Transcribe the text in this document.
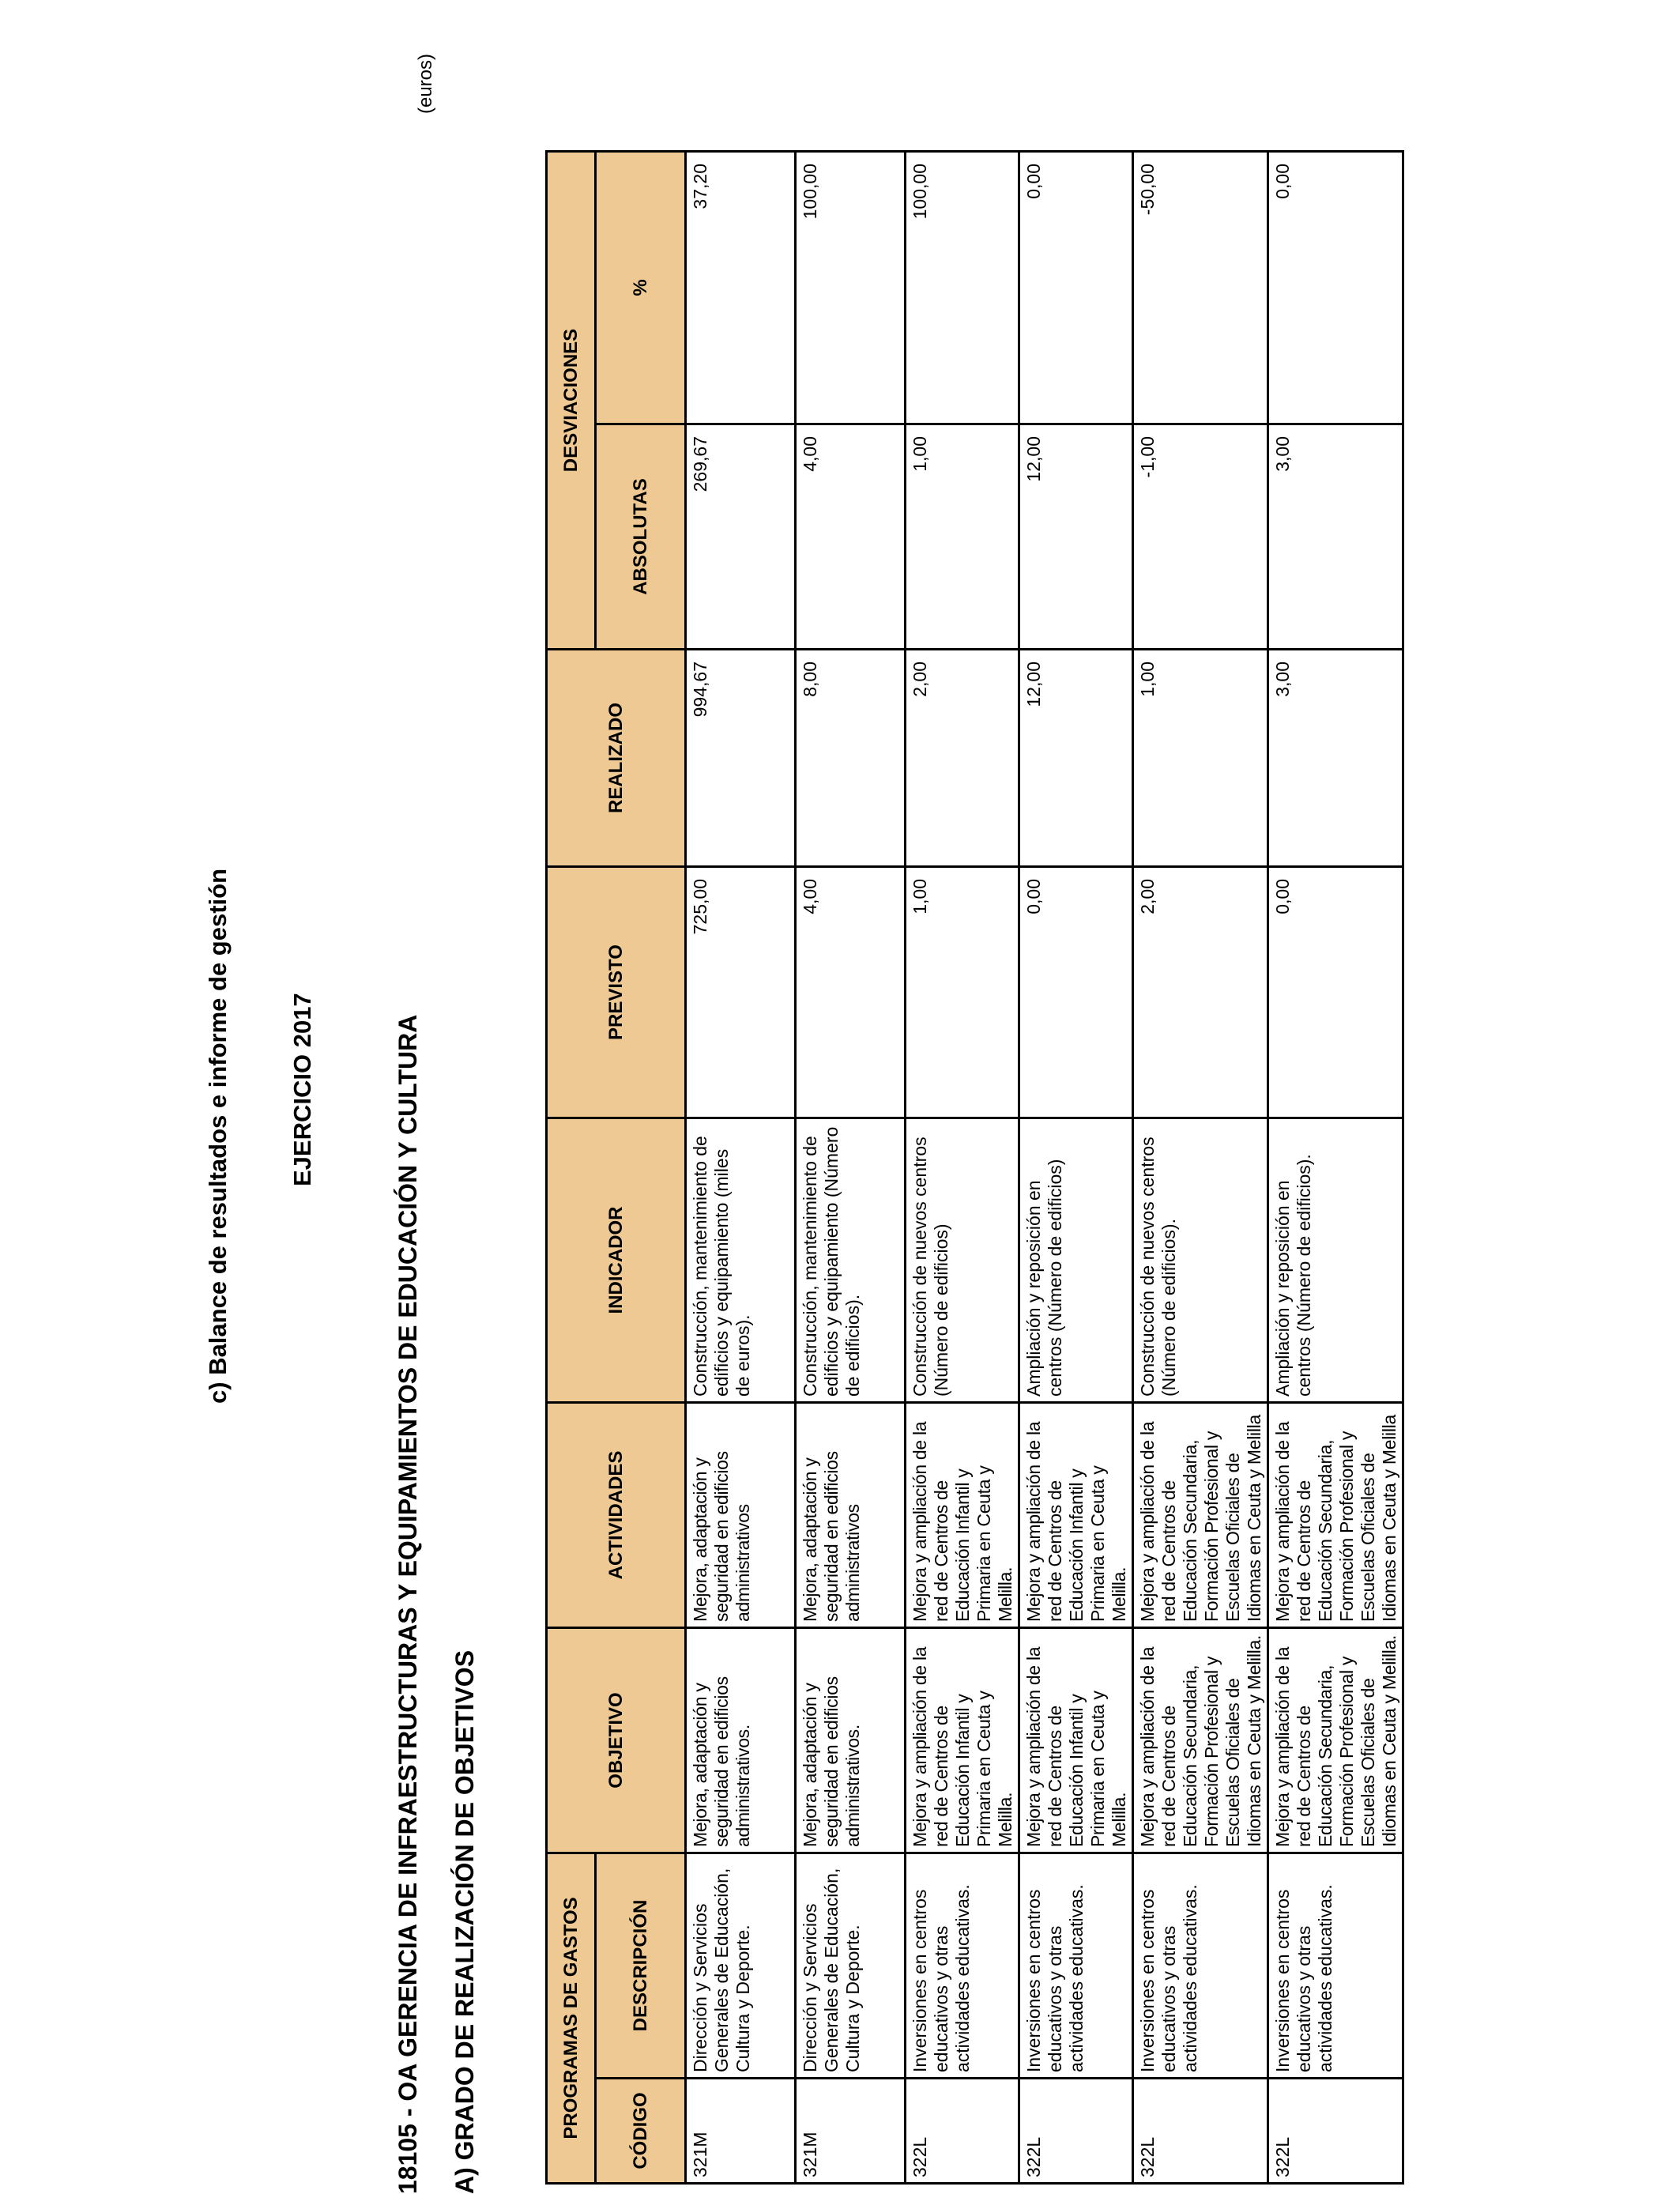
c) Balance de resultados e informe de gestión EJERCICIO 2017	18105 - OA GERENCIA DE INFRAESTRUCTURAS Y EQUIPAMIENTOS DE EDUCACIÓN Y CULTURA A) GRADO DE REALIZACIÓN DE OBJETIVOS
(euros)
PROGRAMAS DE GASTOS		OBJETIVO	ACTIVIDADES	INDICADOR	PREVISTO	REALIZADO	DESVIACIONES	
CÓDIGO	DESCRIPCIÓN						ABSOLUTAS	%
321M	Dirección y Servicios Generales de Educación, Cultura y Deporte.	Mejora, adaptación y seguridad en edificios administrativos.	Mejora, adaptación y seguridad en edificios administrativos	Construcción, mantenimiento de edificios y equipamiento (miles de euros).	725,00	994,67	269,67	37,20
321M	Dirección y Servicios Generales de Educación, Cultura y Deporte.	Mejora, adaptación y seguridad en edificios administrativos.	Mejora, adaptación y seguridad en edificios administrativos	Construcción, mantenimiento de edificios y equipamiento (Número de edificios).	4,00	8,00	4,00	100,00
322L	Inversiones en centros educativos y otras actividades educativas.	Mejora y ampliación de la red de Centros de Educación Infantil y Primaria en Ceuta y Melilla.	Mejora y ampliación de la red de Centros de Educación Infantil y Primaria en Ceuta y Melilla.	Construcción de nuevos centros (Número de edificios)	1,00	2,00	1,00	100,00
322L	Inversiones en centros educativos y otras actividades educativas.	Mejora y ampliación de la red de Centros de Educación Infantil y Primaria en Ceuta y Melilla.	Mejora y ampliación de la red de Centros de Educación Infantil y Primaria en Ceuta y Melilla.	Ampliación y reposición en centros (Número de edificios)	0,00	12,00	12,00	0,00
322L	Inversiones en centros educativos y otras actividades educativas.	Mejora y ampliación de la red de Centros de Educación Secundaria, Formación Profesional y Escuelas Oficiales de Idiomas en Ceuta y Melilla.	Mejora y ampliación de la red de Centros de Educación Secundaria, Formación Profesional y Escuelas Oficiales de Idiomas en Ceuta y Melilla	Construcción de nuevos centros (Número de edificios).	2,00	1,00	-1,00	-50,00
322L	Inversiones en centros educativos y otras actividades educativas.	Mejora y ampliación de la red de Centros de Educación Secundaria, Formación Profesional y Escuelas Oficiales de Idiomas en Ceuta y Melilla.	Mejora y ampliación de la red de Centros de Educación Secundaria, Formación Profesional y Escuelas Oficiales de Idiomas en Ceuta y Melilla	Ampliación y reposición en centros (Número de edificios).	0,00	3,00	3,00	0,00
